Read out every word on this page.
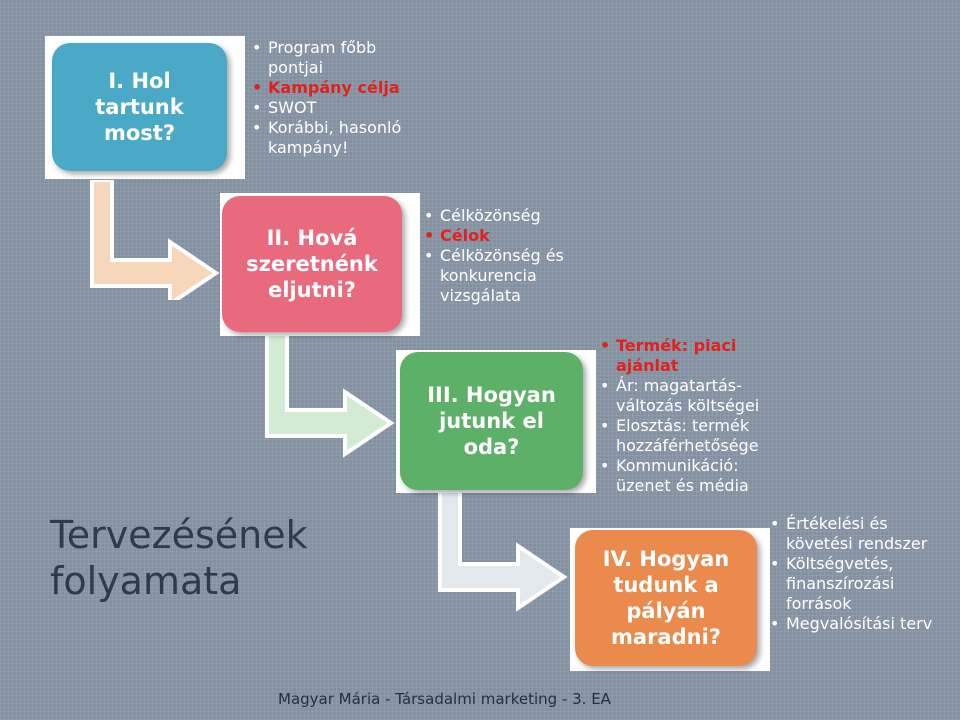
I. Hol tartunk most?
II. Hová szeretnénk eljutni?
III. Hogyan jutunk el oda?
IV. Hogyan tudunk a pályán maradni?
• Program főbb pontjai
• Kampány célja
• SWOT
• Korábbi, hasonló kampány!
• Célközönség
• Célok
• Célközönség és konkurencia vizsgálata
• Termék: piaci ajánlat
• Ár: magatartás-változás költségei
• Elosztás: termék hozzáférhetősége
• Kommunikáció: üzenet és média
• Értékelési és követési rendszer
• Költségvetés, finanszírozási források
• Megvalósítási terv
Tervezésének folyamata
Magyar Mária - Társadalmi marketing - 3. EA
